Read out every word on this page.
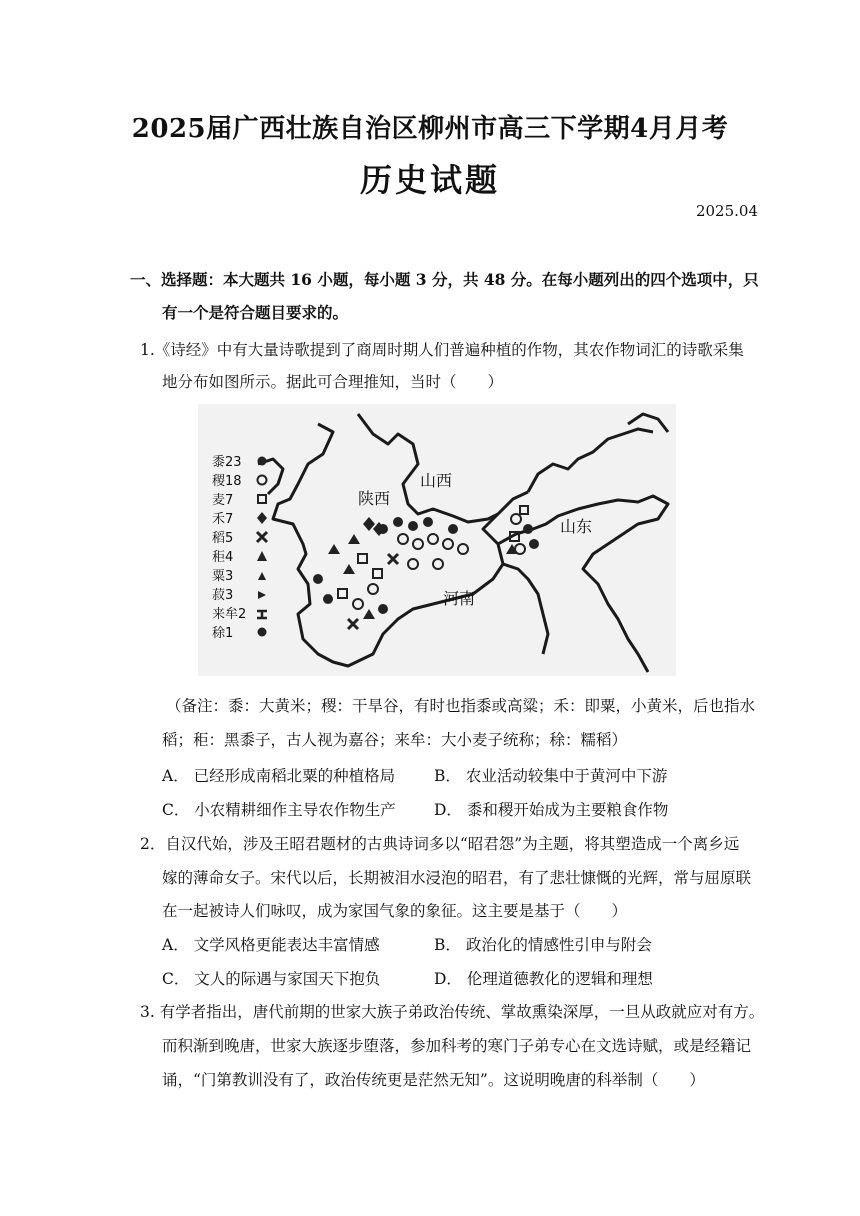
2025届广西壮族自治区柳州市高三下学期4月月考
历史试题
2025.04
一、选择题：本大题共 16 小题，每小题 3 分，共 48 分。在每小题列出的四个选项中，只
有一个是符合题目要求的。
1.《诗经》中有大量诗歌提到了商周时期人们普遍种植的作物，其农作物词汇的诗歌采集
地分布如图所示。据此可合理推知，当时（　　）
陕西
山西
河南
山东
黍23
稷18
麦7
禾7
稻5
秬4
粟3
菽3
来牟2
稌1
（备注：黍：大黄米；稷：干旱谷，有时也指黍或高粱；禾：即粟，小黄米，后也指水
稻；秬：黑黍子，古人视为嘉谷；来牟：大小麦子统称；稌：糯稻）
A． 已经形成南稻北粟的种植格局	B． 农业活动较集中于黄河中下游
C． 小农精耕细作主导农作物生产 D． 黍和稷开始成为主要粮食作物
2．自汉代始，涉及王昭君题材的古典诗词多以“昭君怨”为主题，将其塑造成一个离乡远
嫁的薄命女子。宋代以后，长期被泪水浸泡的昭君，有了悲壮慷慨的光辉，常与屈原联
在一起被诗人们咏叹，成为家国气象的象征。这主要是基于（　　）
A． 文学风格更能表达丰富情感	B． 政治化的情感性引申与附会
C． 文人的际遇与家国天下抱负	D． 伦理道德教化的逻辑和理想
3. 有学者指出，唐代前期的世家大族子弟政治传统、掌故熏染深厚，一旦从政就应对有方。
而积渐到晚唐，世家大族逐步堕落，参加科考的寒门子弟专心在文选诗赋，或是经籍记
诵，“门第教训没有了，政治传统更是茫然无知”。这说明晚唐的科举制（　　）
